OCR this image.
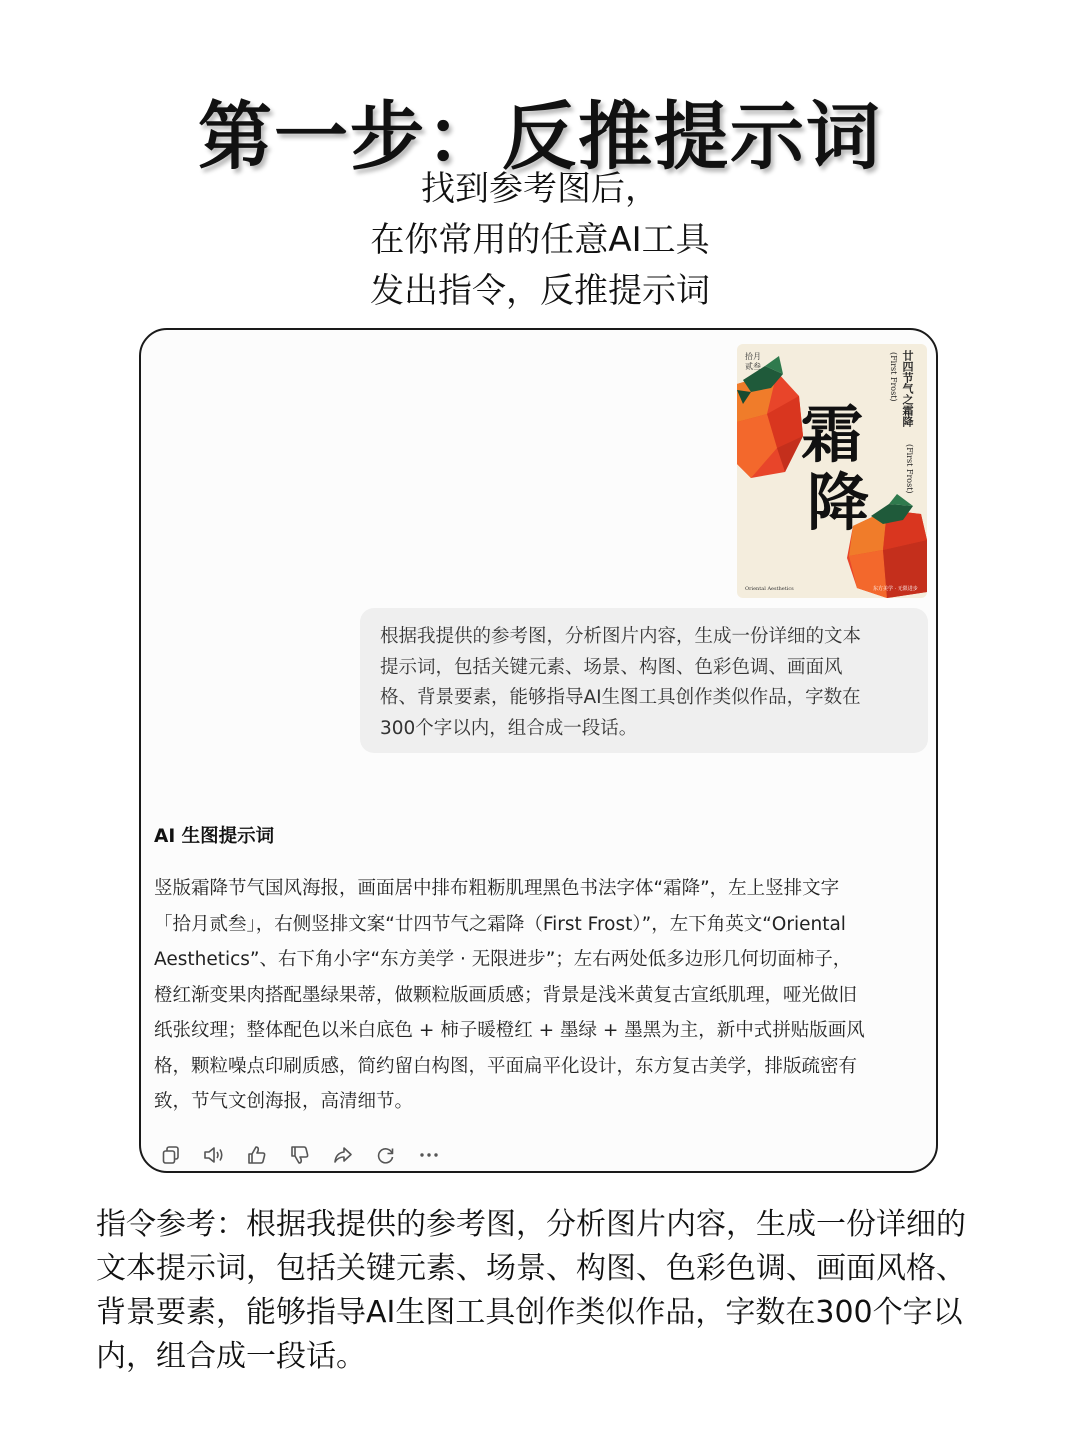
第一步：反推提示词
找到参考图后，
在你常用的任意AI工具
发出指令，反推提示词
拾月
贰叁	廿四节气之霜降
(First Frost)
(First Frost)
霜
降
Oriental Aesthetics	东方美学 · 无限进步
根据我提供的参考图，分析图片内容，生成一份详细的文本
提示词，包括关键元素、场景、构图、色彩色调、画面风
格、背景要素，能够指导AI生图工具创作类似作品，字数在
300个字以内，组合成一段话。
AI 生图提示词
竖版霜降节气国风海报，画面居中排布粗粝肌理黑色书法字体“霜降”，左上竖排文字
「拾月贰叁」，右侧竖排文案“廿四节气之霜降（First Frost）”，左下角英文“Oriental
Aesthetics”、右下角小字“东方美学 · 无限进步”；左右两处低多边形几何切面柿子，
橙红渐变果肉搭配墨绿果蒂，做颗粒版画质感；背景是浅米黄复古宣纸肌理，哑光做旧
纸张纹理；整体配色以米白底色 + 柿子暖橙红 + 墨绿 + 墨黑为主，新中式拼贴版画风
格，颗粒噪点印刷质感，简约留白构图，平面扁平化设计，东方复古美学，排版疏密有
致，节气文创海报，高清细节。
指令参考：根据我提供的参考图，分析图片内容，生成一份详细的
文本提示词，包括关键元素、场景、构图、色彩色调、画面风格、
背景要素，能够指导AI生图工具创作类似作品，字数在300个字以
内，组合成一段话。
